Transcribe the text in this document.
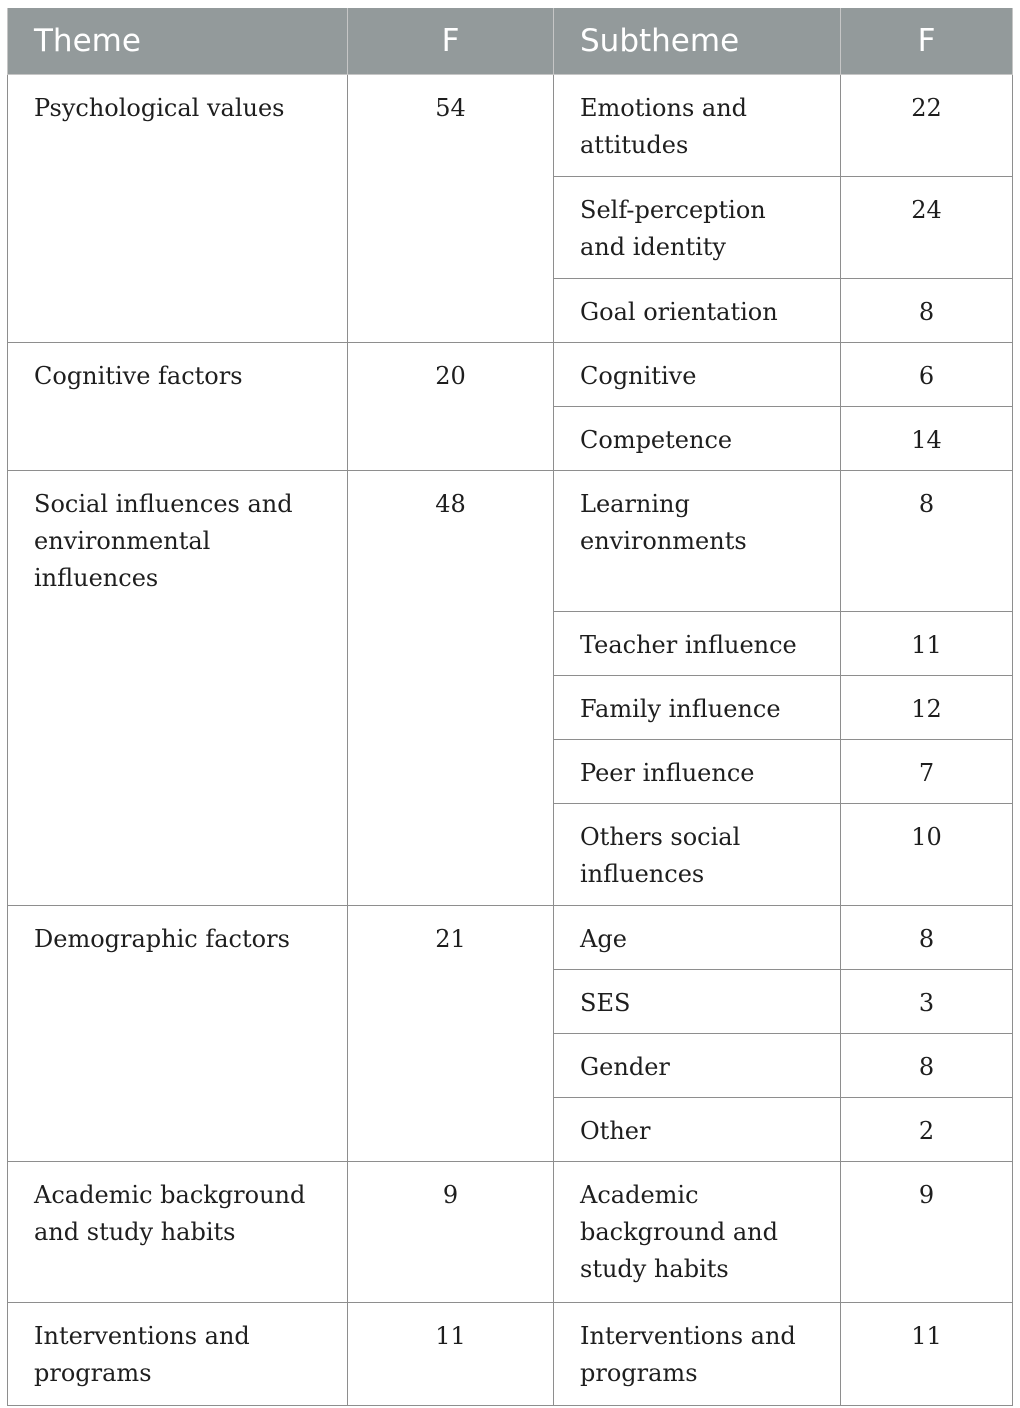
Theme	F	Subtheme	F
Psychological values	54	Emotions and attitudes	22
		Self-perception and identity	24
		Goal orientation	8
Cognitive factors	20	Cognitive	6
		Competence	14
Social influences and environmental influences	48	Learning environments	8
		Teacher influence	11
		Family influence	12
		Peer influence	7
		Others social influences	10
Demographic factors	21	Age	8
		SES	3
		Gender	8
		Other	2
Academic background and study habits	9	Academic background and study habits	9
Interventions and programs	11	Interventions and programs	11
